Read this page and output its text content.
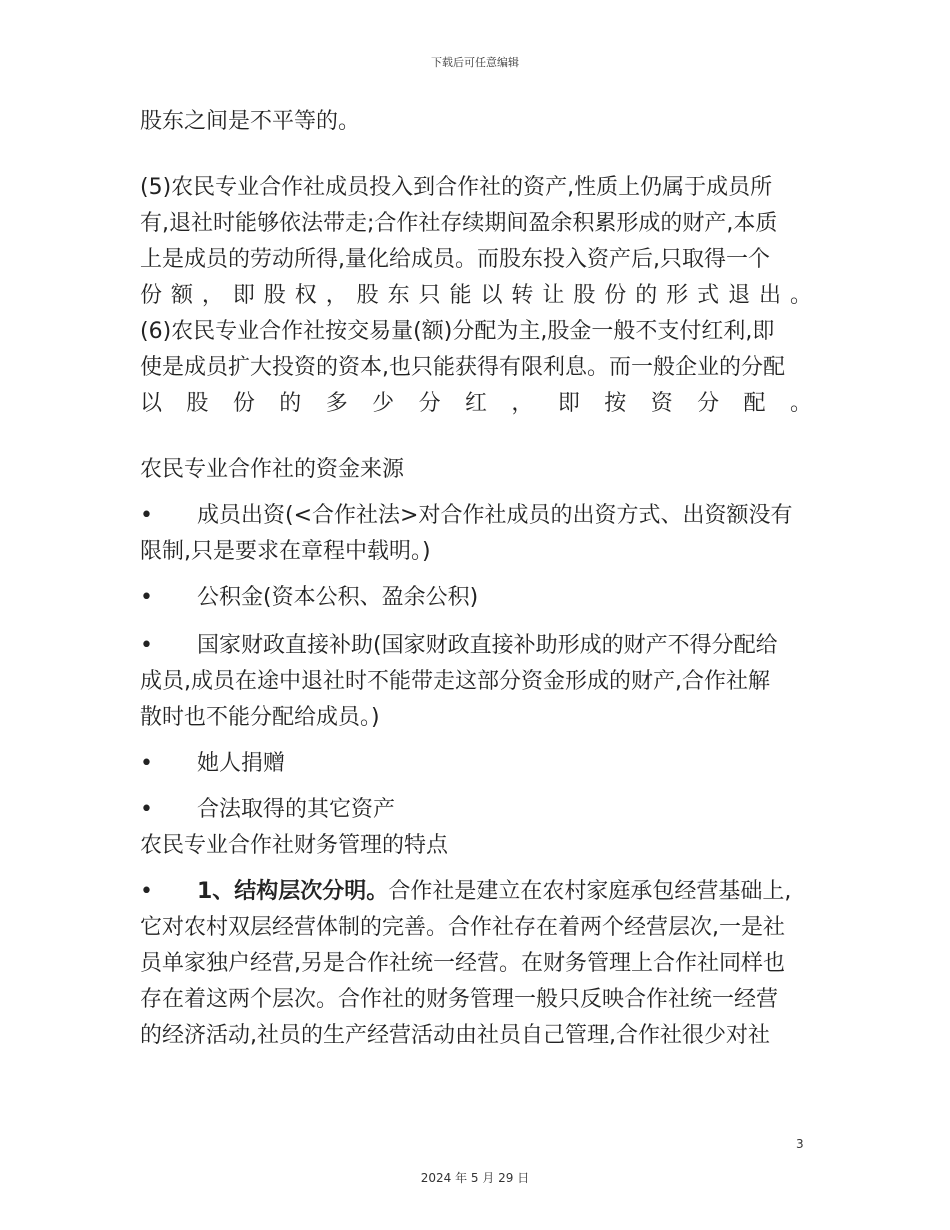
下载后可任意编辑

股东之间是不平等的。

(5)农民专业合作社成员投入到合作社的资产,性质上仍属于成员所

有,退社时能够依法带走;合作社存续期间盈余积累形成的财产,本质

上是成员的劳动所得,量化给成员。而股东投入资产后,只取得一个

份额，即股权，股东只能以转让股份的形式退出。

(6)农民专业合作社按交易量(额)分配为主,股金一般不支付红利,即

使是成员扩大投资的资本,也只能获得有限利息。而一般企业的分配

以股份的多少分红，即按资分配。

农民专业合作社的资金来源

• 成员出资(<合作社法>对合作社成员的出资方式、出资额没有

限制,只是要求在章程中载明。)

• 公积金(资本公积、盈余公积)

• 国家财政直接补助(国家财政直接补助形成的财产不得分配给

成员,成员在途中退社时不能带走这部分资金形成的财产,合作社解

散时也不能分配给成员。)

• 她人捐赠

• 合法取得的其它资产

农民专业合作社财务管理的特点

• 1、结构层次分明。合作社是建立在农村家庭承包经营基础上,

它对农村双层经营体制的完善。合作社存在着两个经营层次,一是社

员单家独户经营,另是合作社统一经营。在财务管理上合作社同样也

存在着这两个层次。合作社的财务管理一般只反映合作社统一经营

的经济活动,社员的生产经营活动由社员自己管理,合作社很少对社

3
2024 年 5 月 29 日
